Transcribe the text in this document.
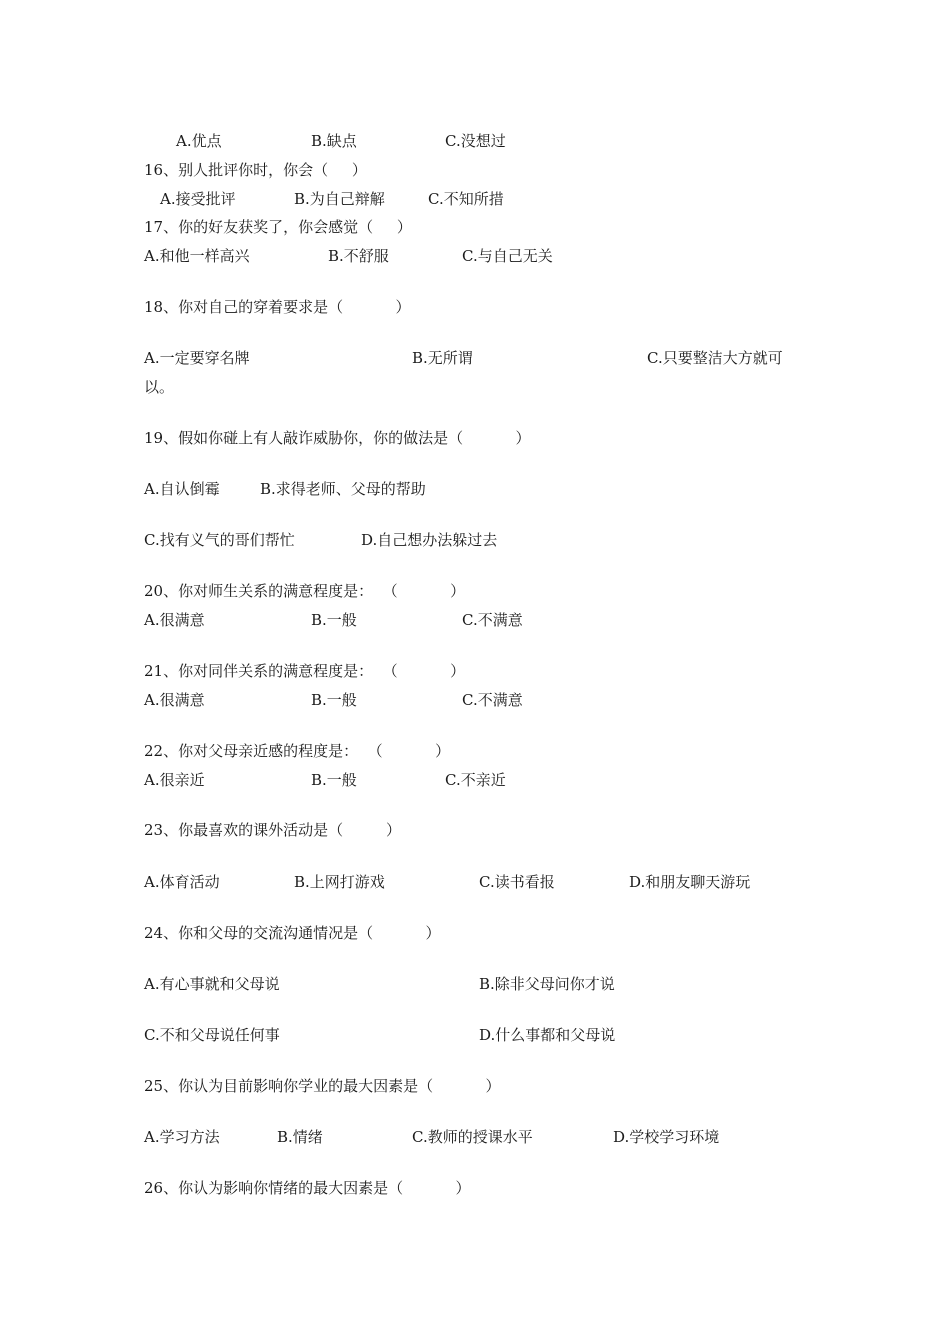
A.优点	B.缺点	C.没想过
16、别人批评你时，你会（     ）
A.接受批评	B.为自己辩解	C.不知所措
17、你的好友获奖了，你会感觉（     ）
A.和他一样高兴	B.不舒服	C.与自己无关
18、你对自己的穿着要求是（           ）
A.一定要穿名牌	B.无所谓	C.只要整洁大方就可
以。
19、假如你碰上有人敲诈威胁你，你的做法是（           ）
A.自认倒霉	B.求得老师、父母的帮助
C.找有义气的哥们帮忙	D.自己想办法躲过去
20、你对师生关系的满意程度是：  （           ）
A.很满意	B.一般	C.不满意
21、你对同伴关系的满意程度是：  （           ）
A.很满意	B.一般	C.不满意
22、你对父母亲近感的程度是：  （           ）
A.很亲近	B.一般	C.不亲近
23、你最喜欢的课外活动是（         ）
A.体育活动	B.上网打游戏	C.读书看报	D.和朋友聊天游玩
24、你和父母的交流沟通情况是（           ）
A.有心事就和父母说	B.除非父母问你才说
C.不和父母说任何事	D.什么事都和父母说
25、你认为目前影响你学业的最大因素是（           ）
A.学习方法	B.情绪	C.教师的授课水平	D.学校学习环境
26、你认为影响你情绪的最大因素是（           ）
